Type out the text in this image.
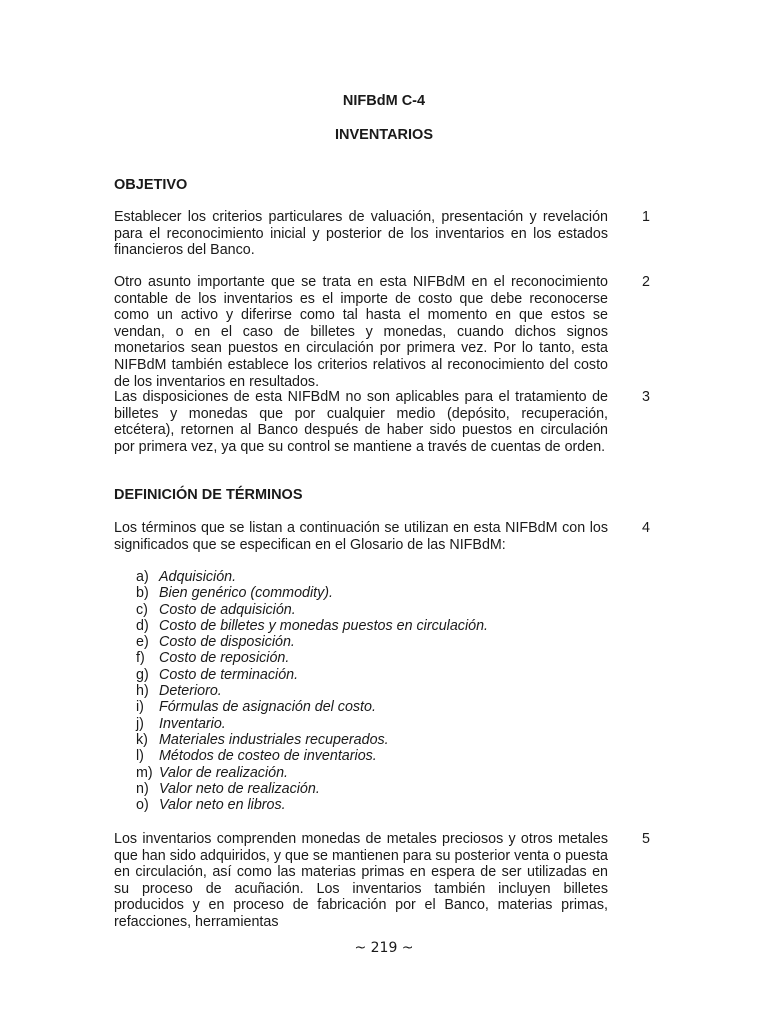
NIFBdM C-4
INVENTARIOS
OBJETIVO
Establecer los criterios particulares de valuación, presentación y revelación para el reconocimiento inicial y posterior de los inventarios en los estados financieros del Banco.
1
Otro asunto importante que se trata en esta NIFBdM en el reconocimiento contable de los inventarios es el importe de costo que debe reconocerse como un activo y diferirse como tal hasta el momento en que estos se vendan, o en el caso de billetes y monedas, cuando dichos signos monetarios sean puestos en circulación por primera vez. Por lo tanto, esta NIFBdM también establece los criterios relativos al reconocimiento del costo de los inventarios en resultados.
2
Las disposiciones de esta NIFBdM no son aplicables para el tratamiento de billetes y monedas que por cualquier medio (depósito, recuperación, etcétera), retornen al Banco después de haber sido puestos en circulación por primera vez, ya que su control se mantiene a través de cuentas de orden.
3
DEFINICIÓN DE TÉRMINOS
Los términos que se listan a continuación se utilizan en esta NIFBdM con los significados que se especifican en el Glosario de las NIFBdM:
4
a) Adquisición.
b) Bien genérico (commodity).
c) Costo de adquisición.
d) Costo de billetes y monedas puestos en circulación.
e) Costo de disposición.
f) Costo de reposición.
g) Costo de terminación.
h) Deterioro.
i)	Fórmulas de asignación del costo.
j)	Inventario.
k) Materiales industriales recuperados.
l)	Métodos de costeo de inventarios.
m) Valor de realización.
n) Valor neto de realización.
o) Valor neto en libros.
Los inventarios comprenden monedas de metales preciosos y otros metales que han sido adquiridos, y que se mantienen para su posterior venta o puesta en circulación, así como las materias primas en espera de ser utilizadas en su proceso de acuñación. Los inventarios también incluyen billetes producidos y en proceso de fabricación por el Banco, materias primas, refacciones, herramientas
5
~ 219 ~
